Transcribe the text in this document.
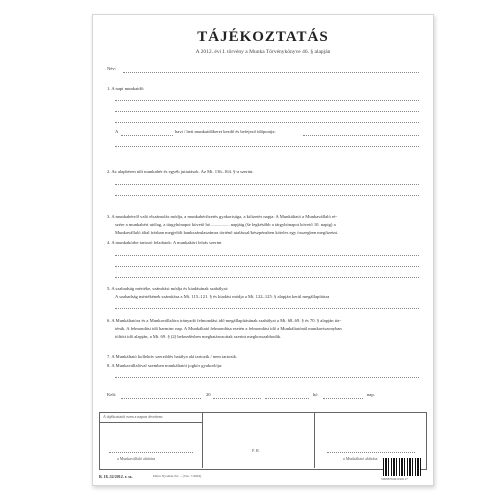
TÁJÉKOZTATÁS
A 2012. évi I. törvény a Munka Törvénykönyve 46. § alapján
Név:
1. A napi munkaidő:
A	havi / heti munkaidőkeret kezdő és befejező időpontja:
2. Az alapbéren túli munkabér és egyéb juttatások. Az Mt. 136–164. §-a szerint.
3. A munkabérről való elszámolás módja, a munkabérfizetés gyakorisága, a kifizetés napja: A Munkáltató a Munkavállaló ré-
szére a munkabért utólag, a tárgyhónapot követő hó ................ napjáig (še legkésőbb a tárgyhónapot követő 10. napig) a
Munkavállaló által írásban megjelölt bankszámlaszámra történő utalással/készpénzben köteles egy összegben megfizetni.
4. A munkakörbe tartozó feladatok: A munkaköri leírás szerint
5. A szabadság mértéke, számítási módja és kiadásának szabályai:
A szabadság mértékének számítása a Mt. 115–121. § és kiadási módja a Mt. 122–125. § alapján kerül megállapításra
6. A Munkáltatóra és a Munkavállalóra irányadó felmondási idő megállapításának szabályai a Mt. 68–69. § és 70. § alapján tör-
ténik. A felmondási idő harminc nap. A Munkáltató felmondása esetén a felmondási idő a Munkáltatónál munkaviszonyban
töltött idő alapján, a Mt. 69. § (2) bekezdésben meghatározottak szerint meghosszabbodik.
7. A Munkáltató kollektív szerződés hatálya alá tartozik / nem tartozik.
8. A Munkavállalóval szemben munkáltatói jogkör gyakorlója:
Kelt:	20	hó	nap.
A tájékoztatót ezen a napon átvettem:
a Munkavállaló aláírása
P. H.
a Munkáltató aláírása
B. 18–32/2012. r. sz.	Pátria Nyomda Zrt. – (Vaz. 7-9824)
5999876491196117
